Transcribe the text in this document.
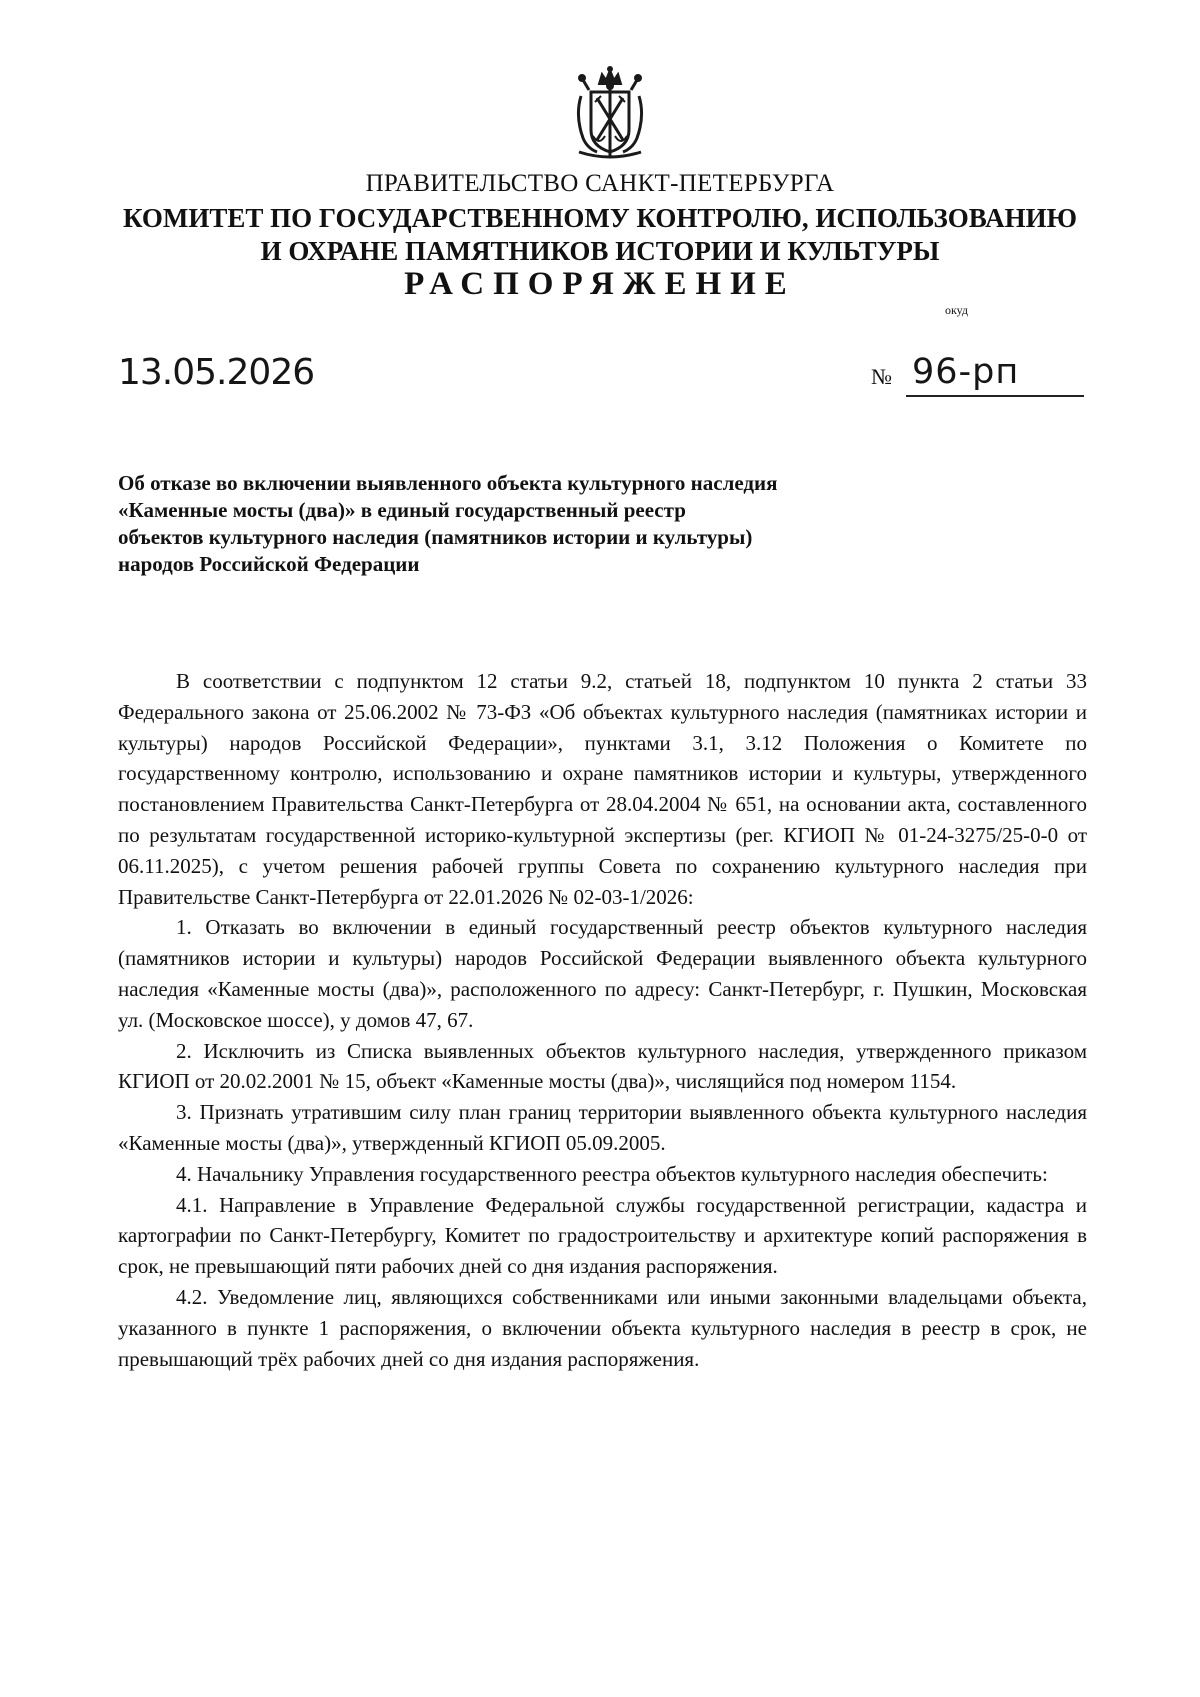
ПРАВИТЕЛЬСТВО САНКТ-ПЕТЕРБУРГА
КОМИТЕТ ПО ГОСУДАРСТВЕННОМУ КОНТРОЛЮ, ИСПОЛЬЗОВАНИЮ
И ОХРАНЕ ПАМЯТНИКОВ ИСТОРИИ И КУЛЬТУРЫ
РАСПОРЯЖЕНИЕ
окуд
13.05.2026	№ 96-рп
Об отказе во включении выявленного объекта культурного наследия
«Каменные мосты (два)» в единый государственный реестр
объектов культурного наследия (памятников истории и культуры)
народов Российской Федерации

В соответствии с подпунктом 12 статьи 9.2, статьей 18, подпунктом 10 пункта 2 статьи 33 Федерального закона от 25.06.2002 № 73-ФЗ «Об объектах культурного наследия (памятниках истории и культуры) народов Российской Федерации», пунктами 3.1, 3.12 Положения о Комитете по государственному контролю, использованию и охране памятников истории и культуры, утвержденного постановлением Правительства Санкт-Петербурга от 28.04.2004 № 651, на основании акта, составленного по результатам государственной историко-культурной экспертизы (рег. КГИОП № 01-24-3275/25-0-0 от 06.11.2025), с учетом решения рабочей группы Совета по сохранению культурного наследия при Правительстве Санкт-Петербурга от 22.01.2026 № 02-03-1/2026:

1. Отказать во включении в единый государственный реестр объектов культурного наследия (памятников истории и культуры) народов Российской Федерации выявленного объекта культурного наследия «Каменные мосты (два)», расположенного по адресу: Санкт-Петербург, г. Пушкин, Московская ул. (Московское шоссе), у домов 47, 67.

2. Исключить из Списка выявленных объектов культурного наследия, утвержденного приказом КГИОП от 20.02.2001 № 15, объект «Каменные мосты (два)», числящийся под номером 1154.

3. Признать утратившим силу план границ территории выявленного объекта культурного наследия «Каменные мосты (два)», утвержденный КГИОП 05.09.2005.

4. Начальнику Управления государственного реестра объектов культурного наследия обеспечить:

4.1. Направление в Управление Федеральной службы государственной регистрации, кадастра и картографии по Санкт-Петербургу, Комитет по градостроительству и архитектуре копий распоряжения в срок, не превышающий пяти рабочих дней со дня издания распоряжения.

4.2. Уведомление лиц, являющихся собственниками или иными законными владельцами объекта, указанного в пункте 1 распоряжения, о включении объекта культурного наследия в реестр в срок, не превышающий трёх рабочих дней со дня издания распоряжения.
